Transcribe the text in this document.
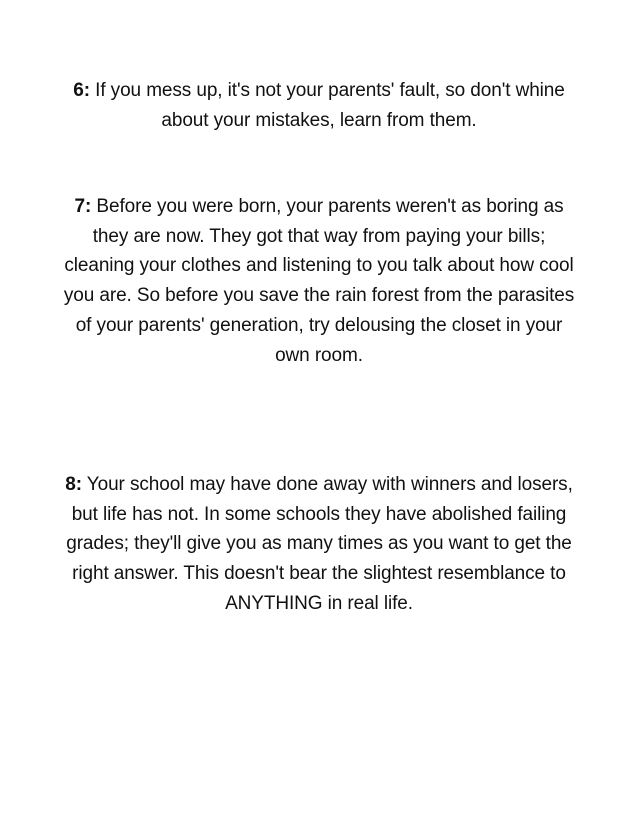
6: If you mess up, it's not your parents' fault, so don't whine about your mistakes, learn from them.

7: Before you were born, your parents weren't as boring as they are now. They got that way from paying your bills; cleaning your clothes and listening to you talk about how cool you are. So before you save the rain forest from the parasites of your parents' generation, try delousing the closet in your own room.

8: Your school may have done away with winners and losers, but life has not. In some schools they have abolished failing grades; they'll give you as many times as you want to get the right answer. This doesn't bear the slightest resemblance to ANYTHING in real life.
